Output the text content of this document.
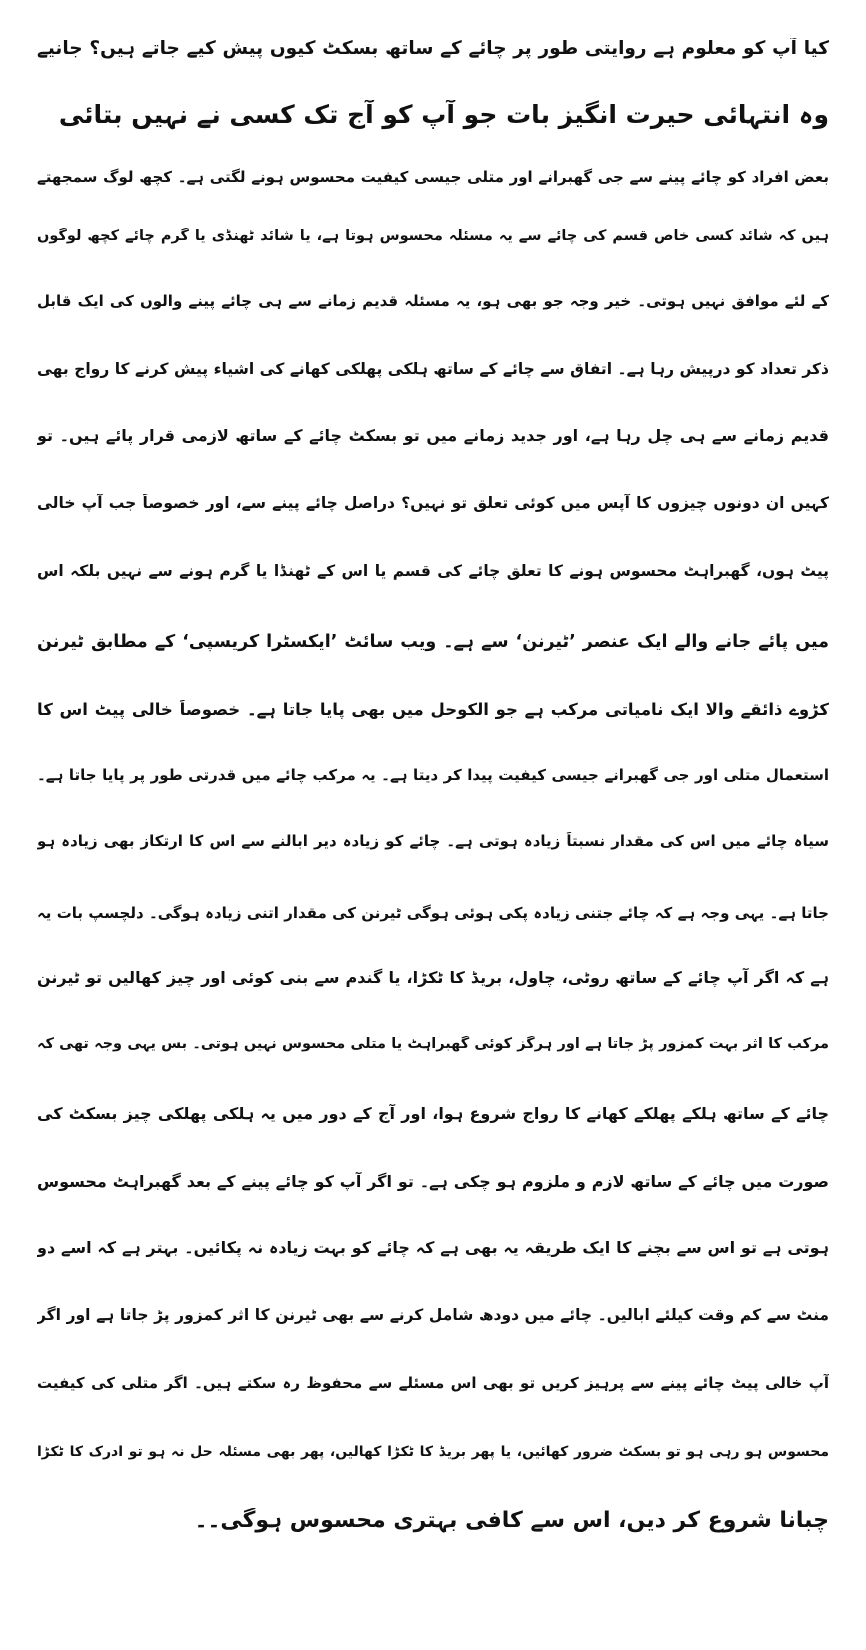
کیا آپ کو معلوم ہے روایتی طور پر چائے کے ساتھ بسکٹ کیوں پیش کیے جاتے ہیں؟ جانیے

وہ انتہائی حیرت انگیز بات جو آپ کو آج تک کسی نے نہیں بتائی

بعض افراد کو چائے پینے سے جی گھبرانے اور متلی جیسی کیفیت محسوس ہونے لگتی ہے۔ کچھ لوگ سمجھتے

ہیں کہ شائد کسی خاص قسم کی چائے سے یہ مسئلہ محسوس ہوتا ہے، یا شائد ٹھنڈی یا گرم چائے کچھ لوگوں

کے لئے موافق نہیں ہوتی۔ خیر وجہ جو بھی ہو، یہ مسئلہ قدیم زمانے سے ہی چائے پینے والوں کی ایک قابل

ذکر تعداد کو درپیش رہا ہے۔ اتفاق سے چائے کے ساتھ ہلکی پھلکی کھانے کی اشیاء پیش کرنے کا رواج بھی

قدیم زمانے سے ہی چل رہا ہے، اور جدید زمانے میں تو بسکٹ چائے کے ساتھ لازمی قرار پائے ہیں۔ تو

کہیں ان دونوں چیزوں کا آپس میں کوئی تعلق تو نہیں؟ دراصل چائے پینے سے، اور خصوصاً جب آپ خالی

پیٹ ہوں، گھبراہٹ محسوس ہونے کا تعلق چائے کی قسم یا اس کے ٹھنڈا یا گرم ہونے سے نہیں بلکہ اس

میں پائے جانے والے ایک عنصر ’ٹیرنن‘ سے ہے۔ ویب سائٹ ’ایکسٹرا کریسپی‘ کے مطابق ٹیرنن

کڑوے ذائقے والا ایک نامیاتی مرکب ہے جو الکوحل میں بھی پایا جاتا ہے۔ خصوصاً خالی پیٹ اس کا

استعمال متلی اور جی گھبرانے جیسی کیفیت پیدا کر دیتا ہے۔ یہ مرکب چائے میں قدرتی طور پر پایا جاتا ہے۔

سیاہ چائے میں اس کی مقدار نسبتاً زیادہ ہوتی ہے۔ چائے کو زیادہ دیر ابالنے سے اس کا ارتکاز بھی زیادہ ہو

جاتا ہے۔ یہی وجہ ہے کہ چائے جتنی زیادہ پکی ہوئی ہوگی ٹیرنن کی مقدار اتنی زیادہ ہوگی۔ دلچسپ بات یہ

ہے کہ اگر آپ چائے کے ساتھ روٹی، چاول، بریڈ کا ٹکڑا، یا گندم سے بنی کوئی اور چیز کھالیں تو ٹیرنن

مرکب کا اثر بہت کمزور پڑ جاتا ہے اور ہرگز کوئی گھبراہٹ یا متلی محسوس نہیں ہوتی۔ بس یہی وجہ تھی کہ

چائے کے ساتھ ہلکے پھلکے کھانے کا رواج شروع ہوا، اور آج کے دور میں یہ ہلکی پھلکی چیز بسکٹ کی

صورت میں چائے کے ساتھ لازم و ملزوم ہو چکی ہے۔ تو اگر آپ کو چائے پینے کے بعد گھبراہٹ محسوس

ہوتی ہے تو اس سے بچنے کا ایک طریقہ یہ بھی ہے کہ چائے کو بہت زیادہ نہ پکائیں۔ بہتر ہے کہ اسے دو

منٹ سے کم وقت کیلئے ابالیں۔ چائے میں دودھ شامل کرنے سے بھی ٹیرنن کا اثر کمزور پڑ جاتا ہے اور اگر

آپ خالی پیٹ چائے پینے سے پرہیز کریں تو بھی اس مسئلے سے محفوظ رہ سکتے ہیں۔ اگر متلی کی کیفیت

محسوس ہو رہی ہو تو بسکٹ ضرور کھائیں، یا پھر بریڈ کا ٹکڑا کھالیں، پھر بھی مسئلہ حل نہ ہو تو ادرک کا ٹکڑا

چبانا شروع کر دیں، اس سے کافی بہتری محسوس ہوگی۔۔
